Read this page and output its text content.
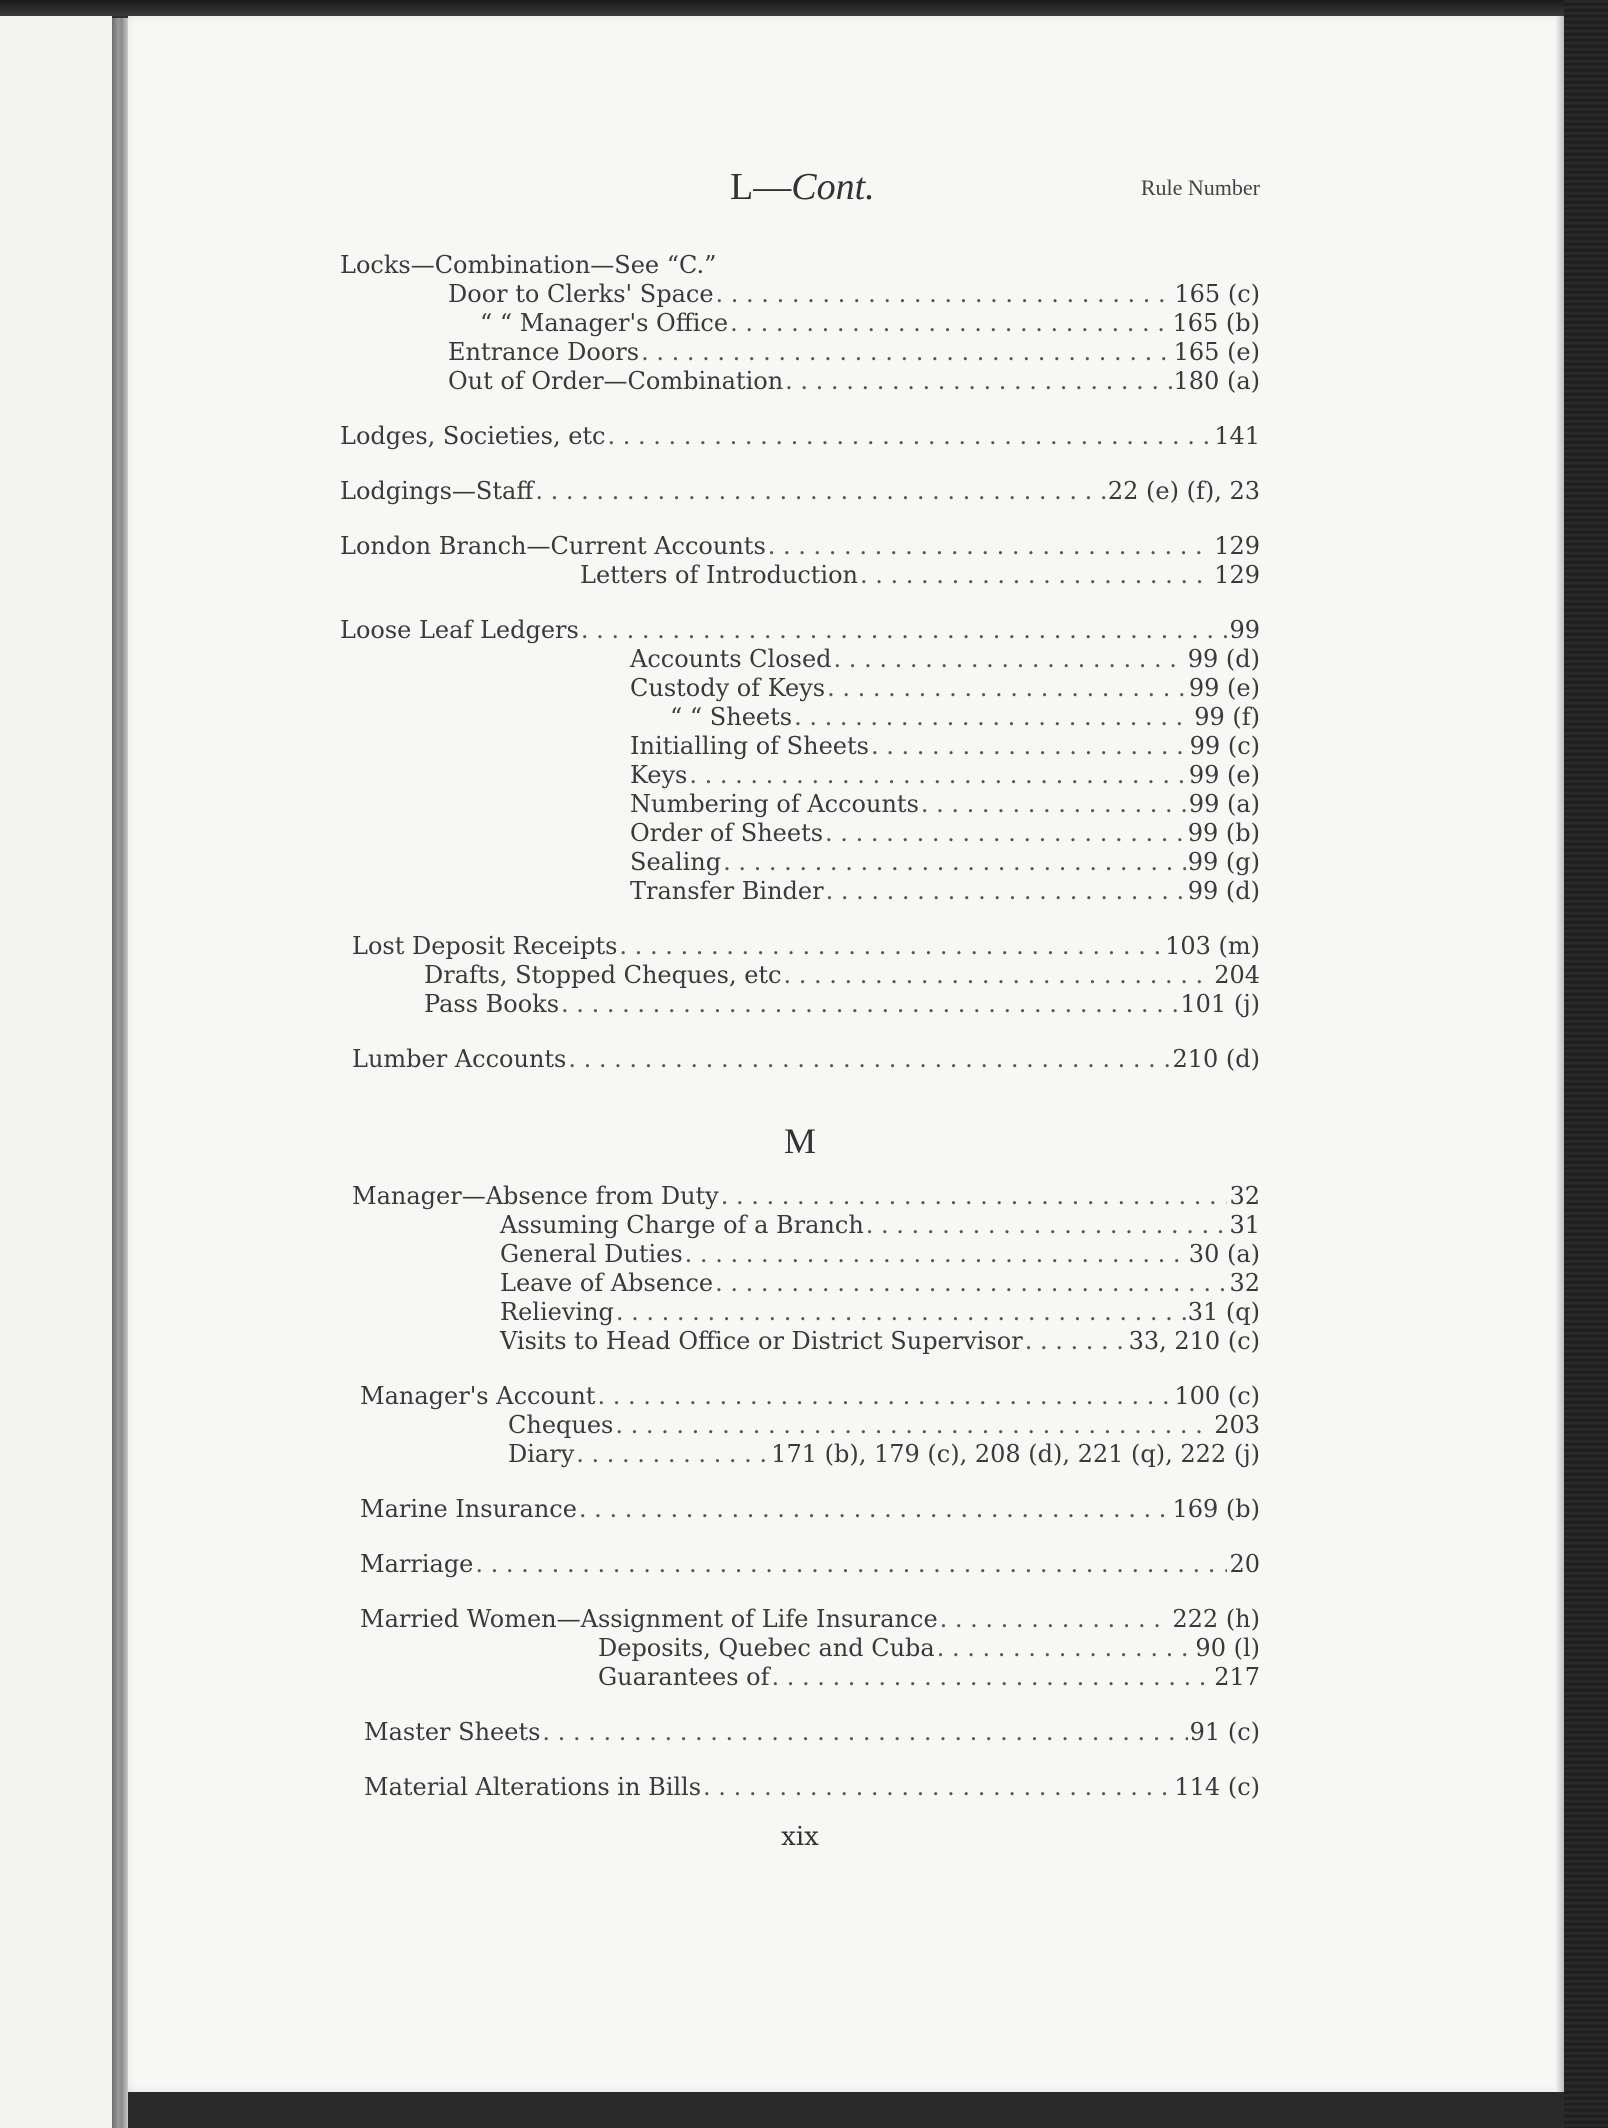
L—Cont.	Rule Number
Locks—Combination—See “C.”
Door to Clerks' Space . . .	165 (c)
“ “ Manager's Office . . .	165 (b)
Entrance Doors . . .	165 (e)
Out of Order—Combination . . .	180 (a)
Lodges, Societies, etc . . .	141
Lodgings—Staff . . .	22 (e) (f), 23
London Branch—Current Accounts . . .	129
Letters of Introduction . . .	129
Loose Leaf Ledgers . . .	99
Accounts Closed . . .	99 (d)
Custody of Keys . . .	99 (e)
“ “ Sheets . . .	99 (f)
Initialling of Sheets . . .	99 (c)
Keys . . .	99 (e)
Numbering of Accounts . . .	99 (a)
Order of Sheets . . .	99 (b)
Sealing . . .	99 (g)
Transfer Binder . . .	99 (d)
Lost Deposit Receipts . . .	103 (m)
Drafts, Stopped Cheques, etc . . .	204
Pass Books . . .	101 (j)
Lumber Accounts . . .	210 (d)
M
Manager—Absence from Duty . . .	32
Assuming Charge of a Branch . . .	31
General Duties . . .	30 (a)
Leave of Absence . . .	32
Relieving . . .	31 (q)
Visits to Head Office or District Supervisor . . .	33, 210 (c)
Manager's Account . . .	100 (c)
Cheques . . .	203
Diary . . .	171 (b), 179 (c), 208 (d), 221 (q), 222 (j)
Marine Insurance . . .	169 (b)
Marriage . . .	20
Married Women—Assignment of Life Insurance . . .	222 (h)
Deposits, Quebec and Cuba . . .	90 (l)
Guarantees of . . .	217
Master Sheets . . .	91 (c)
Material Alterations in Bills . . .	114 (c)
xix
